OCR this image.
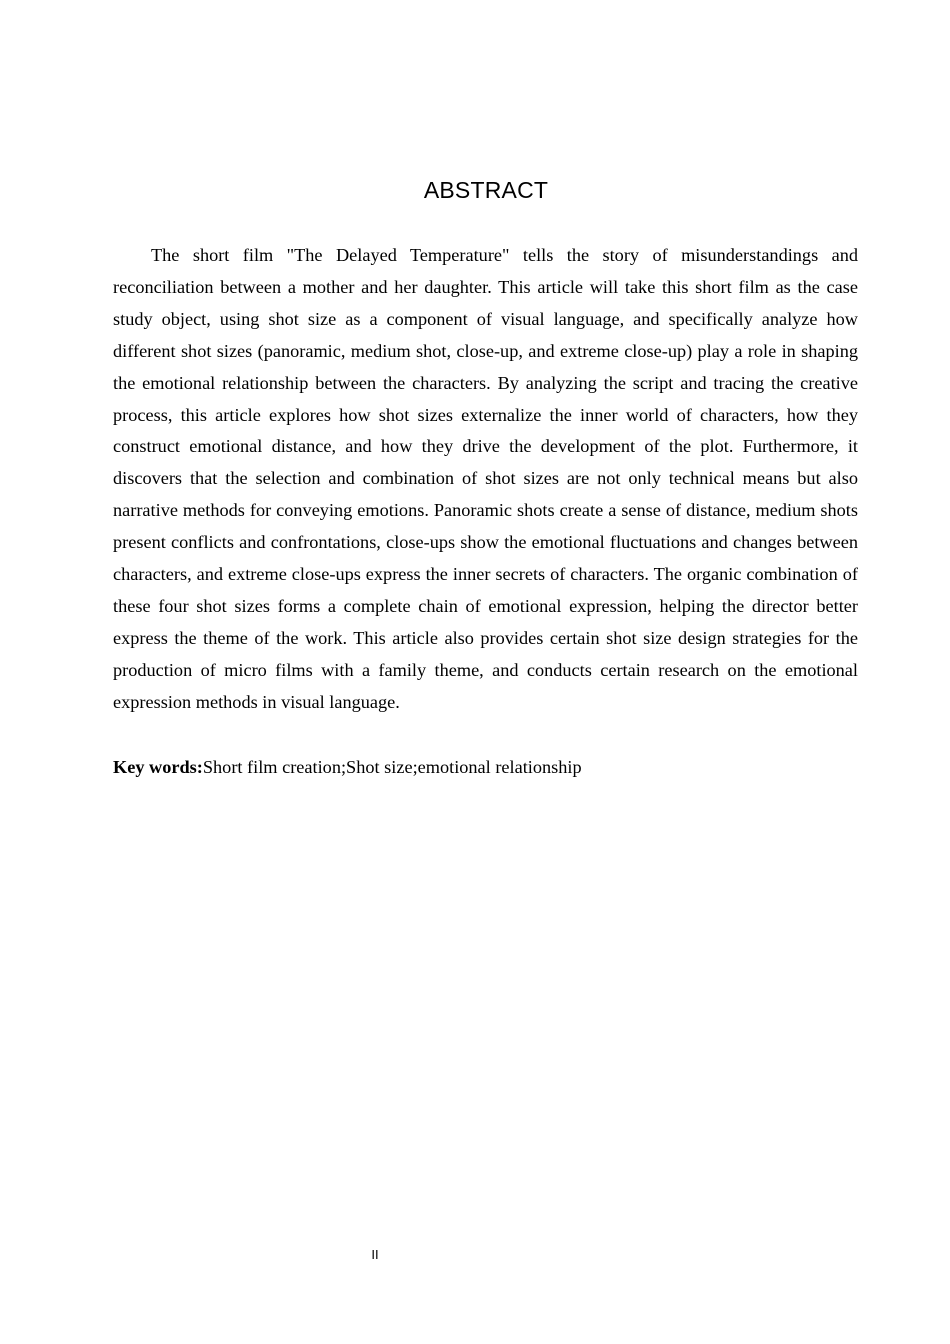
ABSTRACT

The short film "The Delayed Temperature" tells the story of misunderstandings and reconciliation between a mother and her daughter. This article will take this short film as the case study object, using shot size as a component of visual language, and specifically analyze how different shot sizes (panoramic, medium shot, close-up, and extreme close-up) play a role in shaping the emotional relationship between the characters. By analyzing the script and tracing the creative process, this article explores how shot sizes externalize the inner world of characters, how they construct emotional distance, and how they drive the development of the plot. Furthermore, it discovers that the selection and combination of shot sizes are not only technical means but also narrative methods for conveying emotions. Panoramic shots create a sense of distance, medium shots present conflicts and confrontations, close-ups show the emotional fluctuations and changes between characters, and extreme close-ups express the inner secrets of characters. The organic combination of these four shot sizes forms a complete chain of emotional expression, helping the director better express the theme of the work. This article also provides certain shot size design strategies for the production of micro films with a family theme, and conducts certain research on the emotional expression methods in visual language.

Key words:Short film creation;Shot size;emotional relationship

II
